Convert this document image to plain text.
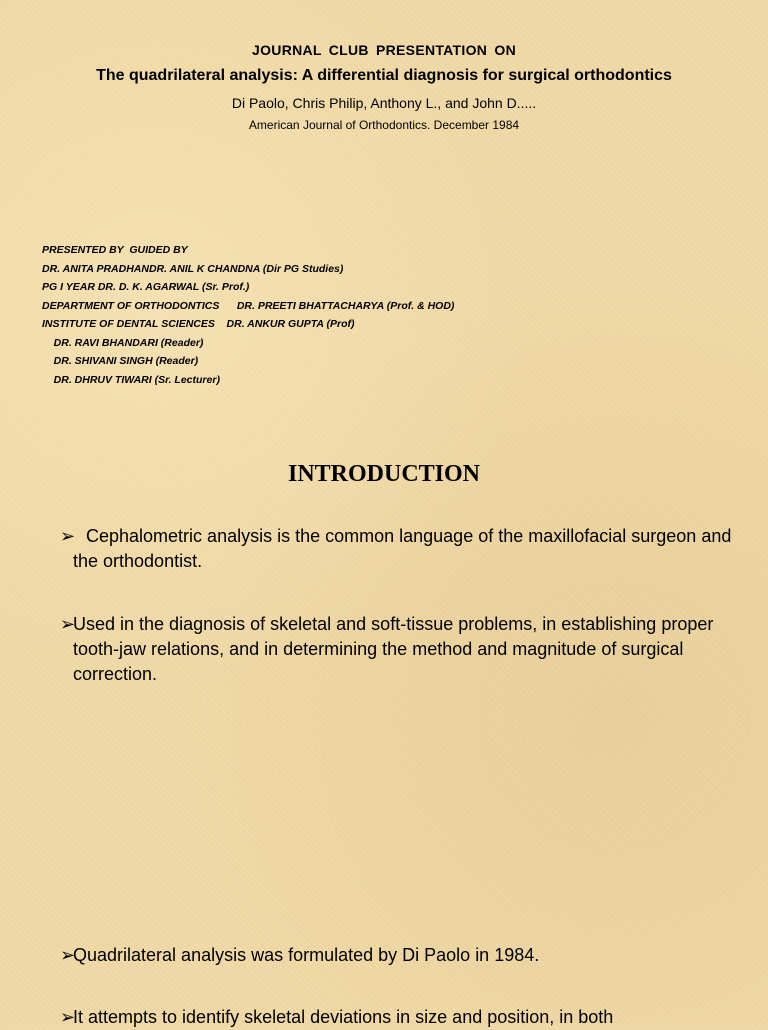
JOURNAL CLUB PRESENTATION ON
The quadrilateral analysis: A differential diagnosis for surgical orthodontics
Di Paolo, Chris Philip, Anthony L., and John D.....
American Journal of Orthodontics. December 1984
PRESENTED BY  GUIDED BY
DR. ANITA PRADHANDR. ANIL K CHANDNA (Dir PG Studies)
PG I YEAR DR. D. K. AGARWAL (Sr. Prof.)
DEPARTMENT OF ORTHODONTICS      DR. PREETI BHATTACHARYA (Prof. & HOD)
INSTITUTE OF DENTAL SCIENCES    DR. ANKUR GUPTA (Prof)
DR. RAVI BHANDARI (Reader)
DR. SHIVANI SINGH (Reader)
DR. DHRUV TIWARI (Sr. Lecturer)
INTRODUCTION
➢ Cephalometric analysis is the common language of the maxillofacial surgeon and the orthodontist.
➢
Used in the diagnosis of skeletal and soft-tissue problems, in establishing proper tooth-jaw relations, and in determining the method and magnitude of surgical correction.
➢
Quadrilateral analysis was formulated by Di Paolo in 1984.
➢
It attempts to identify skeletal deviations in size and position, in both
